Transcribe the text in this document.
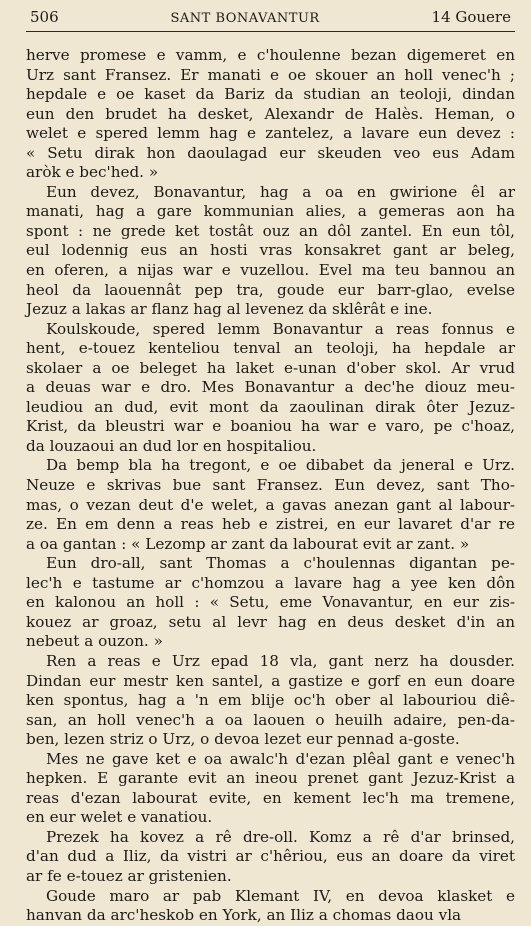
506	SANT BONAVANTUR	14 Gouere
herve promese e vamm, e c'houlenne bezan digemeret en
Urz sant Fransez. Er manati e oe skouer an holl venec'h ;
hepdale e oe kaset da Bariz da studian an teoloji, dindan
eun den brudet ha desket, Alexandr de Halès. Heman, o
welet e spered lemm hag e zantelez, a lavare eun devez :
« Setu dirak hon daoulagad eur skeuden veo eus Adam
aròk e bec'hed. »
Eun devez, Bonavantur, hag a oa en gwirione êl ar
manati, hag a gare kommunian alies, a gemeras aon ha
spont : ne grede ket tostât ouz an dôl zantel. En eun tôl,
eul lodennig eus an hosti vras konsakret gant ar beleg,
en oferen, a nijas war e vuzellou. Evel ma teu bannou an
heol da laouennât pep tra, goude eur barr-glao, evelse
Jezuz a lakas ar flanz hag al levenez da sklêrât e ine.
Koulskoude, spered lemm Bonavantur a reas fonnus e
hent, e-touez kenteliou tenval an teoloji, ha hepdale ar
skolaer a oe beleget ha laket e-unan d'ober skol. Ar vrud
a deuas war e dro. Mes Bonavantur a dec'he diouz meu-
leudiou an dud, evit mont da zaoulinan dirak ôter Jezuz-
Krist, da bleustri war e boaniou ha war e varo, pe c'hoaz,
da louzaoui an dud lor en hospitaliou.
Da bemp bla ha tregont, e oe dibabet da jeneral e Urz.
Neuze e skrivas bue sant Fransez. Eun devez, sant Tho-
mas, o vezan deut d'e welet, a gavas anezan gant al labour-
ze. En em denn a reas heb e zistrei, en eur lavaret d'ar re
a oa gantan : « Lezomp ar zant da labourat evit ar zant. »
Eun dro-all, sant Thomas a c'houlennas digantan pe-
lec'h e tastume ar c'homzou a lavare hag a yee ken dôn
en kalonou an holl : « Setu, eme Vonavantur, en eur zis-
kouez ar groaz, setu al levr hag en deus desket d'in an
nebeut a ouzon. »
Ren a reas e Urz epad 18 vla, gant nerz ha dousder.
Dindan eur mestr ken santel, a gastize e gorf en eun doare
ken spontus, hag a 'n em blije oc'h ober al labouriou diê-
san, an holl venec'h a oa laouen o heuilh adaire, pen-da-
ben, lezen striz o Urz, o devoa lezet eur pennad a-goste.
Mes ne gave ket e oa awalc'h d'ezan plêal gant e venec'h
hepken. E garante evit an ineou prenet gant Jezuz-Krist a
reas d'ezan labourat evite, en kement lec'h ma tremene,
en eur welet e vanatiou.
Prezek ha kovez a rê dre-oll. Komz a rê d'ar brinsed,
d'an dud a Iliz, da vistri ar c'hêriou, eus an doare da viret
ar fe e-touez ar gristenien.
Goude maro ar pab Klemant IV, en devoa klasket e
hanvan da arc'heskob en York, an Iliz a chomas daou vla
